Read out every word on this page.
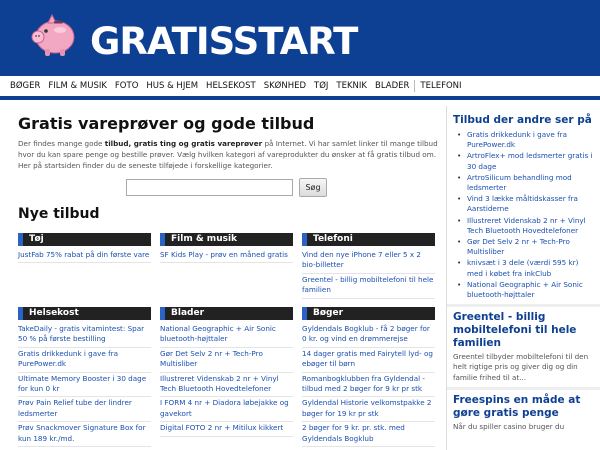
GRATISSTART
BØGER FILM & MUSIK FOTO HUS & HJEM HELSEKOST SKØNHED TØJ TEKNIK BLADER	TELEFONI
Gratis vareprøver og gode tilbud

Der findes mange gode tilbud, gratis ting og gratis vareprøver på Internet. Vi har samlet linker til mange tilbud hvor du kan spare penge og bestille prøver. Vælg hvilken kategori af vareprodukter du ønsker at få gratis tilbud om. Her på startsiden finder du de seneste tilføjede i forskellige kategorier.

Søg
Nye tilbud
Tøj
JustFab 75% rabat på din første vare
Film & musik
SF Kids Play - prøv en måned gratis
Telefoni
Vind den nye iPhone 7 eller 5 x 2 bio-billetter
Greentel - billig mobiltelefoni til hele familien
Helsekost
TakeDaily - gratis vitamintest: Spar 50 % på første bestilling
Gratis drikkedunk i gave fra PurePower.dk
Ultimate Memory Booster i 30 dage for kun 0 kr
Prøv Pain Relief tube der lindrer ledsmerter
Prøv Snackmover Signature Box for kun 189 kr./md.
Blader
National Geographic + Air Sonic bluetooth-højttaler
Gør Det Selv 2 nr + Tech-Pro Multisliber
Illustreret Videnskab 2 nr + Vinyl Tech Bluetooth Hovedtelefoner
I FORM 4 nr + Diadora løbejakke og gavekort
Digital FOTO 2 nr + Mitilux kikkert
Bøger
Gyldendals Bogklub - få 2 bøger for 0 kr. og vind en drømmerejse
14 dager gratis med Fairytell lyd- og ebøger til børn
Romanbogklubben fra Gyldendal - tilbud med 2 bøger for 9 kr pr stk
Gyldendal Historie velkomstpakke 2 bøger for 19 kr pr stk
2 bøger for 9 kr. pr. stk. med Gyldendals Bogklub
Tilbud der andre ser på
• Gratis drikkedunk i gave fra PurePower.dk
• ArtroFlex+ mod ledsmerter gratis i 30 dage
• ArtroSilicum behandling mod ledsmerter
• Vind 3 lække måltidskasser fra Aarstiderne
• Illustreret Videnskab 2 nr + Vinyl Tech Bluetooth Hovedtelefoner
• Gør Det Selv 2 nr + Tech-Pro Multisliber
• knivsæt i 3 dele (værdi 595 kr) med i købet fra inkClub
• National Geographic + Air Sonic bluetooth-højttaler
Greentel - billig mobiltelefoni til hele familien

Greentel tilbyder mobiltelefoni til den helt rigtige pris og giver dig og din familie frihed til at...

Freespins en måde at gøre gratis penge

Når du spiller casino bruger du
